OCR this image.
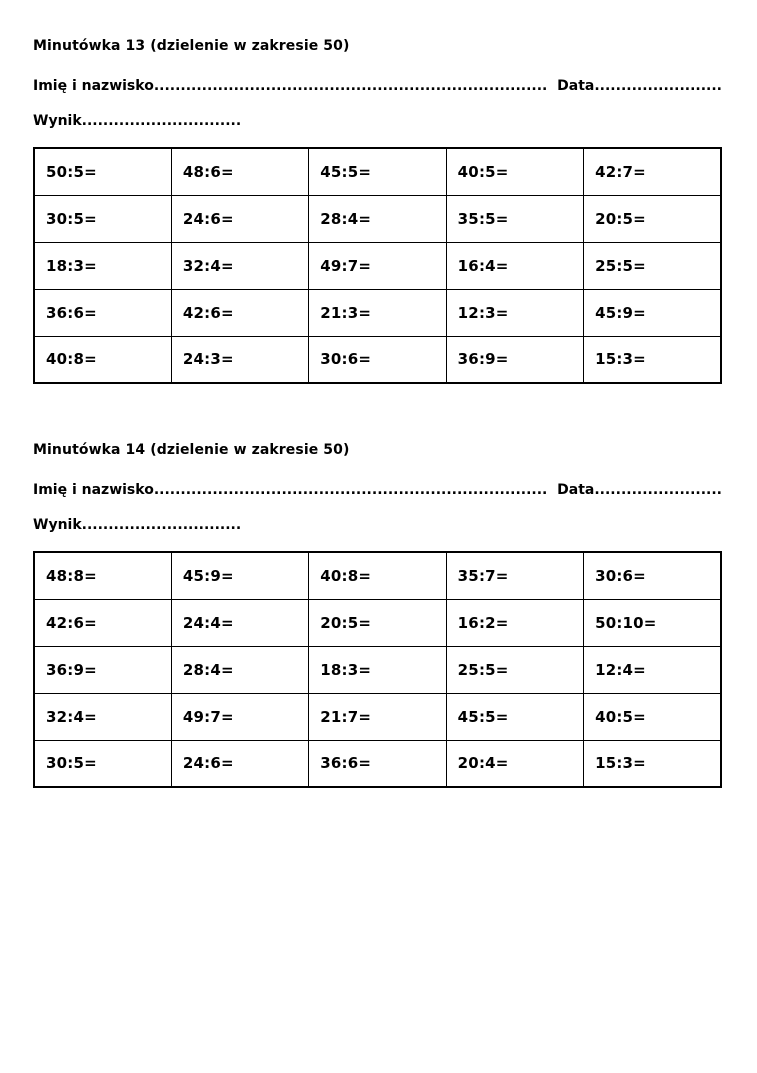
Minutówka 13 (dzielenie w zakresie 50)
Imię i nazwisko.......................................................................... Data........................
Wynik..............................
50:5=	48:6=	45:5=	40:5=	42:7=
30:5=	24:6=	28:4=	35:5=	20:5=
18:3=	32:4=	49:7=	16:4=	25:5=
36:6=	42:6=	21:3=	12:3=	45:9=
40:8=	24:3=	30:6=	36:9=	15:3=
Minutówka 14 (dzielenie w zakresie 50)
Imię i nazwisko.......................................................................... Data........................
Wynik..............................
48:8=	45:9=	40:8=	35:7=	30:6=
42:6=	24:4=	20:5=	16:2=	50:10=
36:9=	28:4=	18:3=	25:5=	12:4=
32:4=	49:7=	21:7=	45:5=	40:5=
30:5=	24:6=	36:6=	20:4=	15:3=
